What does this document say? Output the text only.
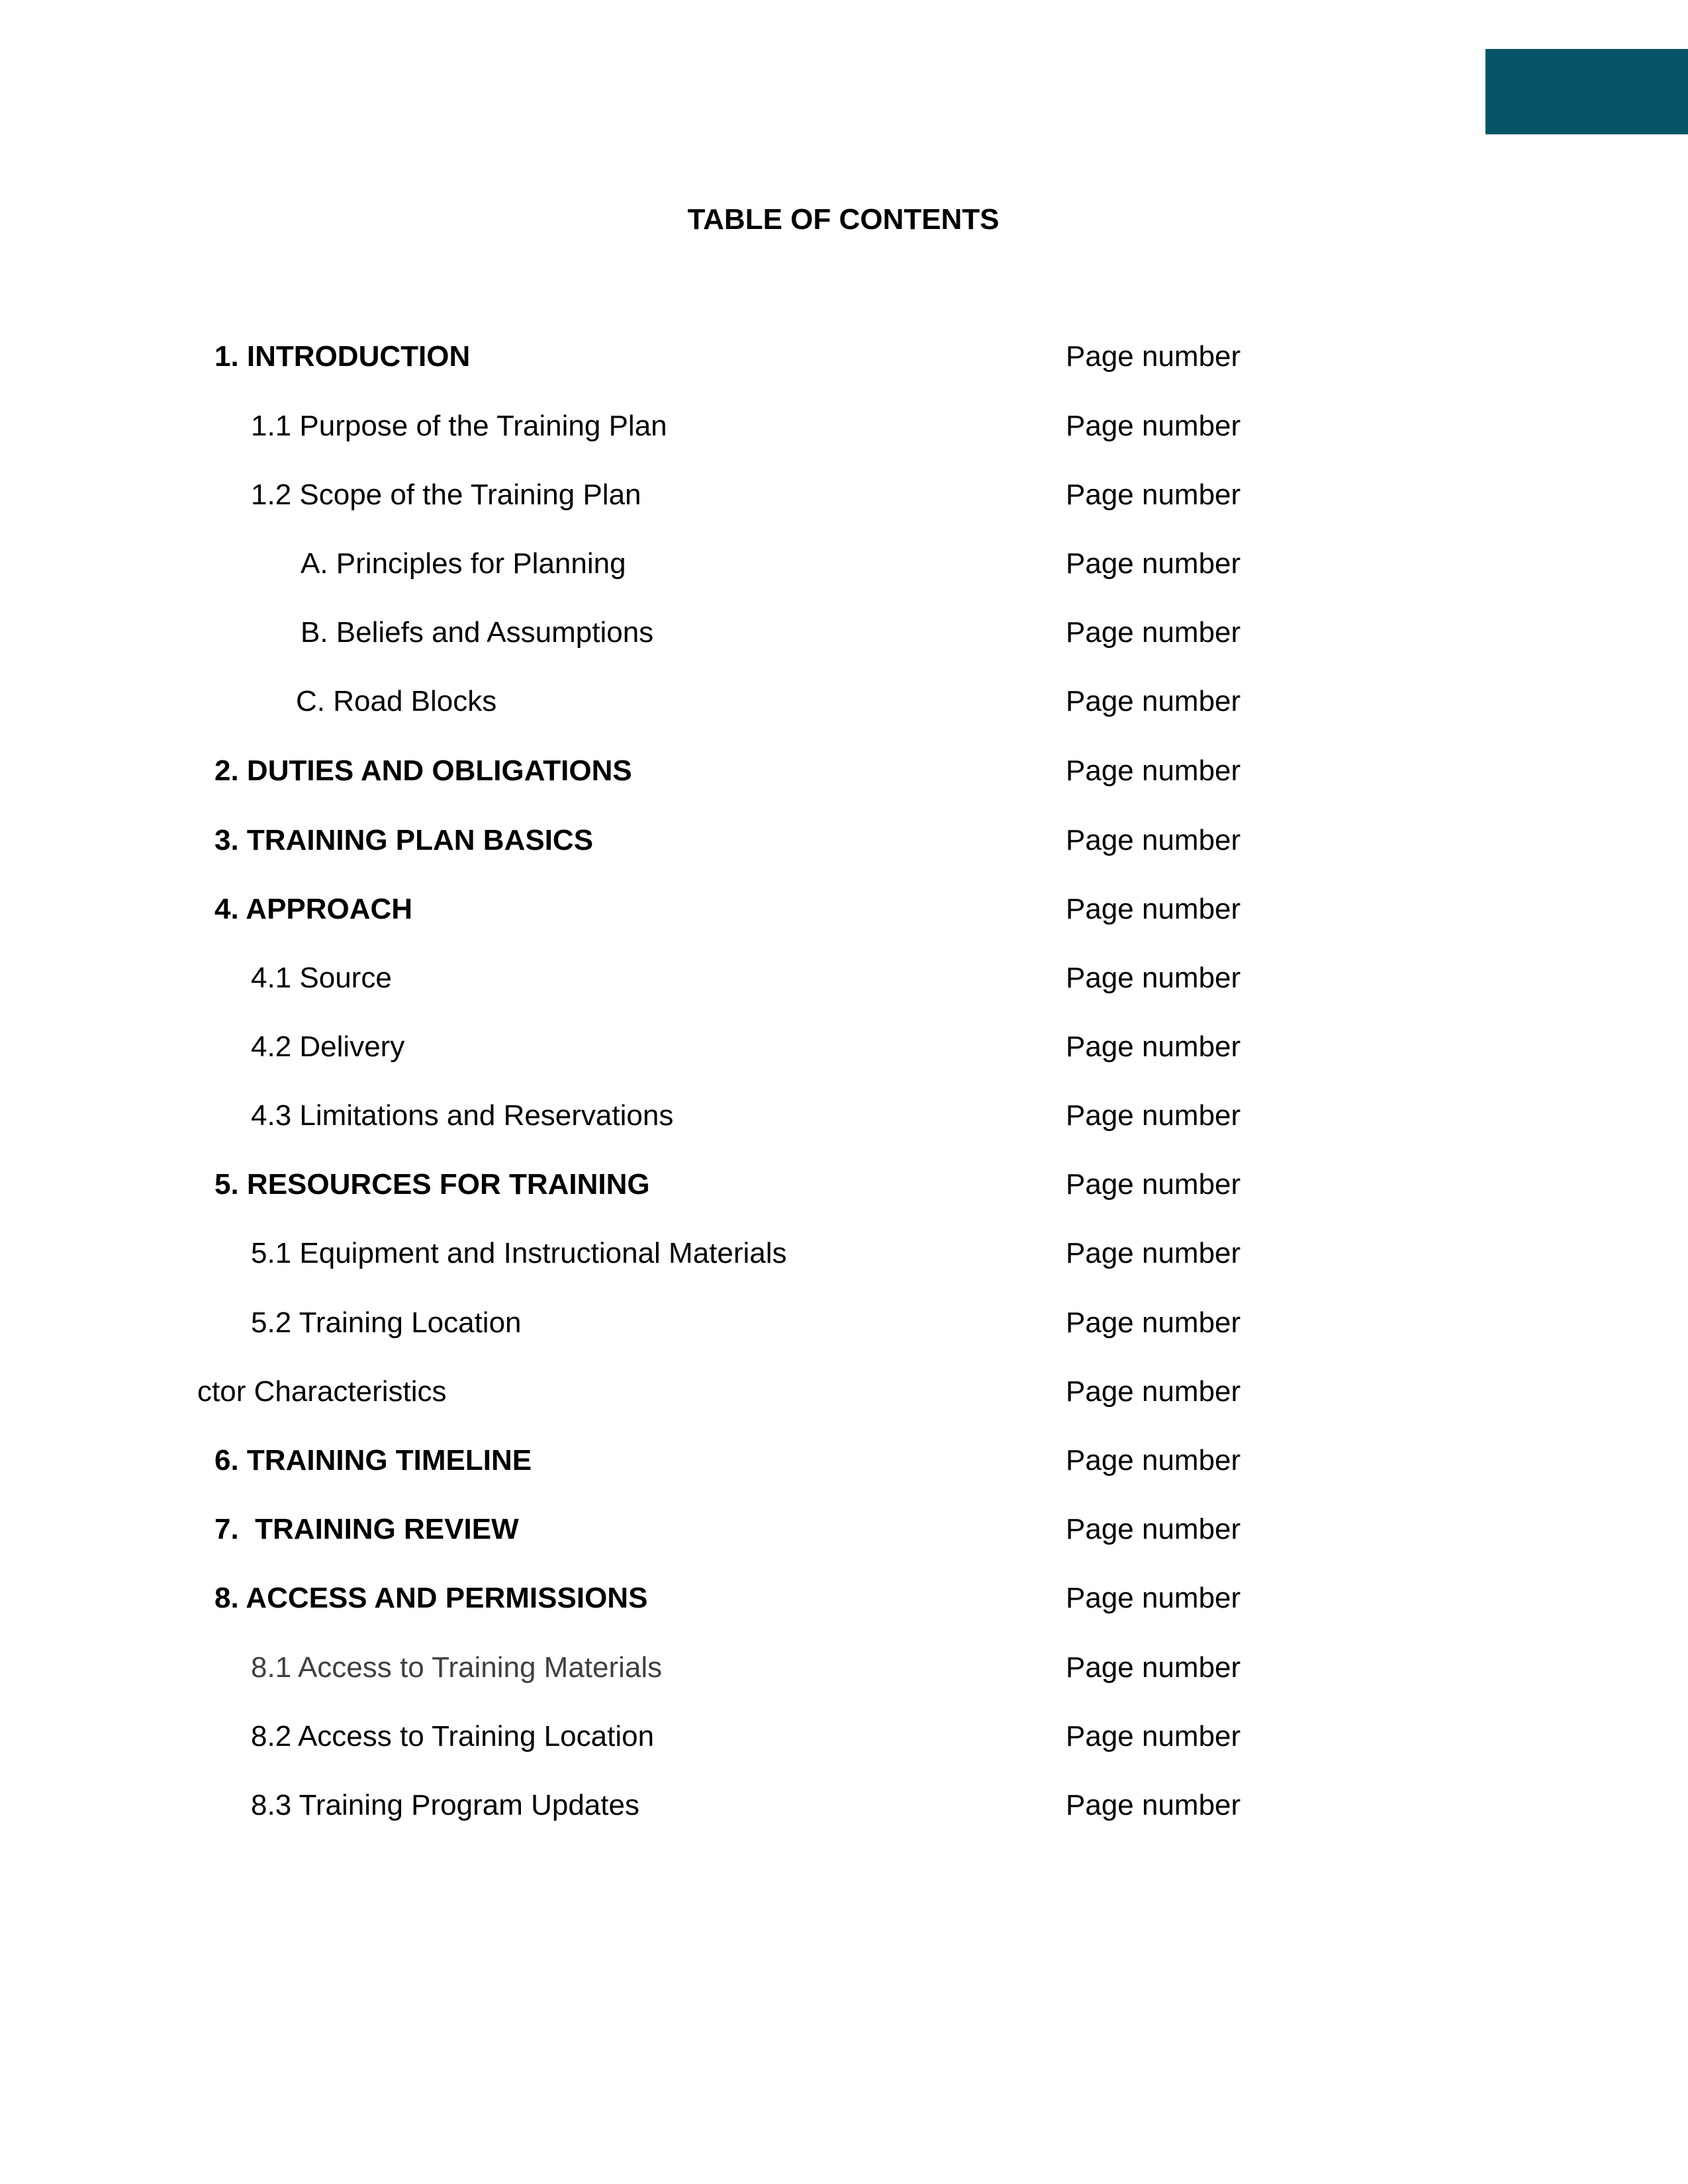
TABLE OF CONTENTS
1. INTRODUCTION	Page number
1.1 Purpose of the Training Plan	Page number
1.2 Scope of the Training Plan	Page number
A. Principles for Planning	Page number
B. Beliefs and Assumptions	Page number
C. Road Blocks	Page number
2. DUTIES AND OBLIGATIONS	Page number
3. TRAINING PLAN BASICS	Page number
4. APPROACH	Page number
4.1 Source	Page number
4.2 Delivery	Page number
4.3 Limitations and Reservations	Page number
5. RESOURCES FOR TRAINING	Page number
5.1 Equipment and Instructional Materials	Page number
5.2 Training Location	Page number
ctor Characteristics	Page number
6. TRAINING TIMELINE	Page number
7.  TRAINING REVIEW	Page number
8. ACCESS AND PERMISSIONS	Page number
8.1 Access to Training Materials	Page number
8.2 Access to Training Location	Page number
8.3 Training Program Updates	Page number
